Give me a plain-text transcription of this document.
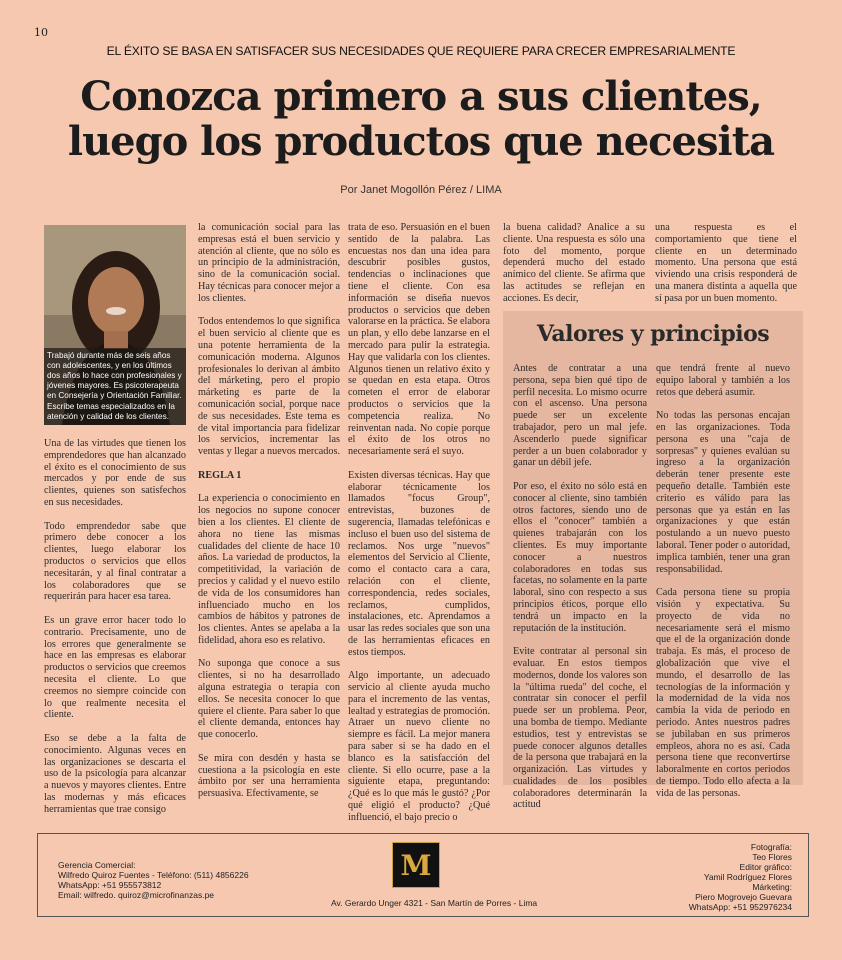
10
EL ÉXITO SE BASA EN SATISFACER SUS NECESIDADES QUE REQUIERE PARA CRECER EMPRESARIALMENTE
Conozca primero a sus clientes,
luego los productos que necesita
Por Janet Mogollón Pérez / LIMA
Trabajó durante más de seis años con adolescentes, y en los últimos dos años lo hace con profesionales y jóvenes mayores. Es psicoterapeuta en Consejería y Orientación Familiar. Escribe temas especializados en la atención y calidad de los clientes.

Una de las virtudes que tienen los emprendedores que han alcanzado el éxito es el conocimiento de sus mercados y por ende de sus clientes, quienes son satisfechos en sus necesidades.

Todo emprendedor sabe que primero debe conocer a los clientes, luego elaborar los productos o servicios que ellos necesitarán, y al final contratar a los colaboradores que se requerirán para hacer esa tarea.

Es un grave error hacer todo lo contrario. Precisamente, uno de los errores que generalmente se hace en las empresas es elaborar productos o servicios que creemos necesita el cliente. Lo que creemos no siempre coincide con lo que realmente necesita el cliente.

Eso se debe a la falta de conocimiento. Algunas veces en las organizaciones se descarta el uso de la psicología para alcanzar a nuevos y mayores clientes. Entre las modernas y más eficaces herramientas que trae consigo

la comunicación social para las empresas está el buen servicio y atención al cliente, que no sólo es un principio de la administración, sino de la comunicación social. Hay técnicas para conocer mejor a los clientes.

Todos entendemos lo que significa el buen servicio al cliente que es una potente herramienta de la comunicación moderna. Algunos profesionales lo derivan al ámbito del márketing, pero el propio márketing es parte de la comunicación social, porque nace de sus necesidades. Este tema es de vital importancia para fidelizar los servicios, incrementar las ventas y llegar a nuevos mercados.

REGLA 1

La experiencia o conocimiento en los negocios no supone conocer bien a los clientes. El cliente de ahora no tiene las mismas cualidades del cliente de hace 10 años. La variedad de productos, la competitividad, la variación de precios y calidad y el nuevo estilo de vida de los consumidores han influenciado mucho en los cambios de hábitos y patrones de los clientes. Antes se apelaba a la fidelidad, ahora eso es relativo.

No suponga que conoce a sus clientes, si no ha desarrollado alguna estrategia o terapia con ellos. Se necesita conocer lo que quiere el cliente. Para saber lo que el cliente demanda, entonces hay que conocerlo.

Se mira con desdén y hasta se cuestiona a la psicología en este ámbito por ser una herramienta persuasiva. Efectivamente, se

trata de eso. Persuasión en el buen sentido de la palabra. Las encuestas nos dan una idea para descubrir posibles gustos, tendencias o inclinaciones que tiene el cliente. Con esa información se diseña nuevos productos o servicios que deben valorarse en la práctica. Se elabora un plan, y ello debe lanzarse en el mercado para pulir la estrategia. Hay que validarla con los clientes. Algunos tienen un relativo éxito y se quedan en esta etapa. Otros cometen el error de elaborar productos o servicios que la competencia realiza. No reinventan nada. No copie porque el éxito de los otros no necesariamente será el suyo.

Existen diversas técnicas. Hay que elaborar técnicamente los llamados "focus Group", entrevistas, buzones de sugerencia, llamadas telefónicas e incluso el buen uso del sistema de reclamos. Nos urge "nuevos" elementos del Servicio al Cliente, como el contacto cara a cara, relación con el cliente, correspondencia, redes sociales, reclamos, cumplidos, instalaciones, etc. Aprendamos a usar las redes sociales que son una de las herramientas eficaces en estos tiempos.

Algo importante, un adecuado servicio al cliente ayuda mucho para el incremento de las ventas, lealtad y estrategias de promoción. Atraer un nuevo cliente no siempre es fácil. La mejor manera para saber si se ha dado en el blanco es la satisfacción del cliente. Si ello ocurre, pase a la siguiente etapa, preguntando: ¿Qué es lo que más le gustó? ¿Por qué eligió el producto? ¿Qué influenció, el bajo precio o

la buena calidad? Analice a su cliente. Una respuesta es sólo una foto del momento, porque dependerá mucho del estado anímico del cliente. Se afirma que las actitudes se reflejan en acciones. Es decir,

una respuesta es el comportamiento que tiene el cliente en un determinado momento. Una persona que está viviendo una crisis responderá de una manera distinta a aquella que sí pasa por un buen momento.

Valores y principios

Antes de contratar a una persona, sepa bien qué tipo de perfil necesita. Lo mismo ocurre con el ascenso. Una persona puede ser un excelente trabajador, pero un mal jefe. Ascenderlo puede significar perder a un buen colaborador y ganar un débil jefe.

Por eso, el éxito no sólo está en conocer al cliente, sino también otros factores, siendo uno de ellos el "conocer" también a quienes trabajarán con los clientes. Es muy importante conocer a nuestros colaboradores en todas sus facetas, no solamente en la parte laboral, sino con respecto a sus principios éticos, porque ello tendrá un impacto en la reputación de la institución.

Evite contratar al personal sin evaluar. En estos tiempos modernos, donde los valores son la "última rueda" del coche, el contratar sin conocer el perfil puede ser un problema. Peor, una bomba de tiempo. Mediante estudios, test y entrevistas se puede conocer algunos detalles de la persona que trabajará en la organización. Las virtudes y cualidades de los posibles colaboradores determinarán la actitud

que tendrá frente al nuevo equipo laboral y también a los retos que deberá asumir.

No todas las personas encajan en las organizaciones. Toda persona es una "caja de sorpresas" y quienes evalúan su ingreso a la organización deberán tener presente este pequeño detalle. También este criterio es válido para las personas que ya están en las organizaciones y que están postulando a un nuevo puesto laboral. Tener poder o autoridad, implica también, tener una gran responsabilidad.

Cada persona tiene su propia visión y expectativa. Su proyecto de vida no necesariamente será el mismo que el de la organización donde trabaja. Es más, el proceso de globalización que vive el mundo, el desarrollo de las tecnologías de la información y la modernidad de la vida nos cambia la vida de periodo en periodo. Antes nuestros padres se jubilaban en sus primeros empleos, ahora no es así. Cada persona tiene que reconvertirse laboralmente en cortos periodos de tiempo. Todo ello afecta a la vida de las personas.

Gerencia Comercial:
Wilfredo Quiroz Fuentes - Teléfono: (511) 4856226
WhatsApp: +51 955573812
Email: wilfredo. quiroz@microfinanzas.pe
M
Av. Gerardo Unger 4321 - San Martín de Porres - Lima
Fotografía:
Teo Flores
Editor gráfico:
Yamil Rodríguez Flores
Márketing:
Piero Mogrovejo Guevara
WhatsApp: +51 952976234
